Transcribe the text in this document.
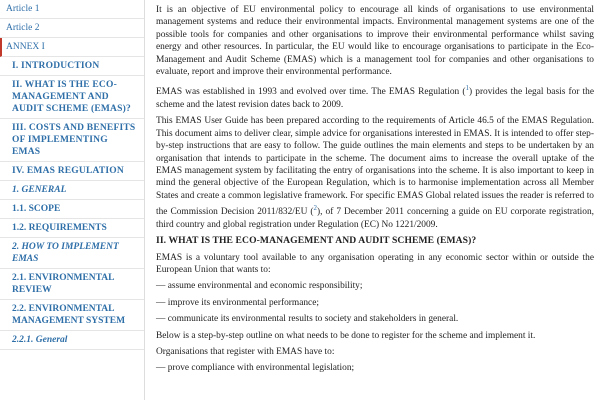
Article 1
Article 2
ANNEX I
I. INTRODUCTION
II. WHAT IS THE ECO-MANAGEMENT AND AUDIT SCHEME (EMAS)?
III. COSTS AND BENEFITS OF IMPLEMENTING EMAS
IV. EMAS REGULATION
1. GENERAL
1.1. SCOPE
1.2. REQUIREMENTS
2. HOW TO IMPLEMENT EMAS
2.1. ENVIRONMENTAL REVIEW
2.2. ENVIRONMENTAL MANAGEMENT SYSTEM
2.2.1. General

It is an objective of EU environmental policy to encourage all kinds of organisations to use environmental management systems and reduce their environmental impacts. Environmental management systems are one of the possible tools for companies and other organisations to improve their environmental performance whilst saving energy and other resources. In particular, the EU would like to encourage organisations to participate in the Eco-Management and Audit Scheme (EMAS) which is a management tool for companies and other organisations to evaluate, report and improve their environmental performance.

EMAS was established in 1993 and evolved over time. The EMAS Regulation ($^1$) provides the legal basis for the scheme and the latest revision dates back to 2009.

This EMAS User Guide has been prepared according to the requirements of Article 46.5 of the EMAS Regulation. This document aims to deliver clear, simple advice for organisations interested in EMAS. It is intended to offer step-by-step instructions that are easy to follow. The guide outlines the main elements and steps to be undertaken by an organisation that intends to participate in the scheme. The document aims to increase the overall uptake of the EMAS management system by facilitating the entry of organisations into the scheme. It is also important to keep in mind the general objective of the European Regulation, which is to harmonise implementation across all Member States and create a common legislative framework. For specific EMAS Global related issues the reader is referred to the Commission Decision 2011/832/EU ($^2$), of 7 December 2011 concerning a guide on EU corporate registration, third country and global registration under Regulation (EC) No 1221/2009.

II. WHAT IS THE ECO-MANAGEMENT AND AUDIT SCHEME (EMAS)?

EMAS is a voluntary tool available to any organisation operating in any economic sector within or outside the European Union that wants to:

— assume environmental and economic responsibility;

— improve its environmental performance;

— communicate its environmental results to society and stakeholders in general.

Below is a step-by-step outline on what needs to be done to register for the scheme and implement it.

Organisations that register with EMAS have to:

— prove compliance with environmental legislation;
